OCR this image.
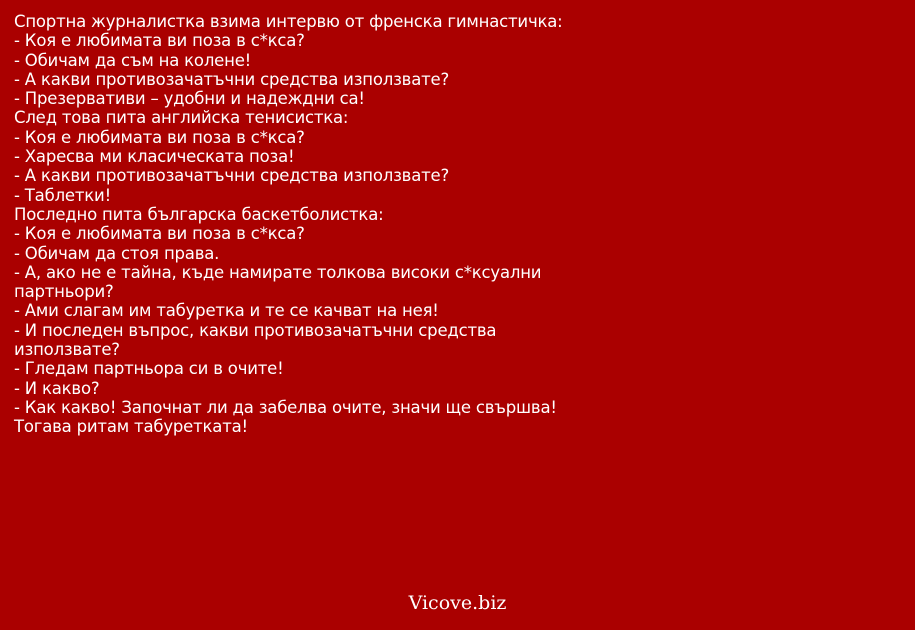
Спортна журналистка взима интервю от френска гимнастичка:
- Коя е любимата ви поза в с*кса?
- Обичам да съм на колене!
- А какви противозачатъчни средства използвате?
- Презервативи – удобни и надеждни са!
След това пита английска тенисистка:
- Коя е любимата ви поза в с*кса?
- Харесва ми класическата поза!
- А какви противозачатъчни средства използвате?
- Таблетки!
Последно пита българска баскетболистка:
- Коя е любимата ви поза в с*кса?
- Обичам да стоя права.
- А, ако не е тайна, къде намирате толкова високи с*ксуални партньори?
- Ами слагам им табуретка и те се качват на нея!
- И последен въпрос, какви противозачатъчни средства използвате?
- Гледам партньора си в очите!
- И какво?
- Как какво! Започнат ли да забелва очите, значи ще свършва! Тогава ритам табуретката!
Vicove.biz
